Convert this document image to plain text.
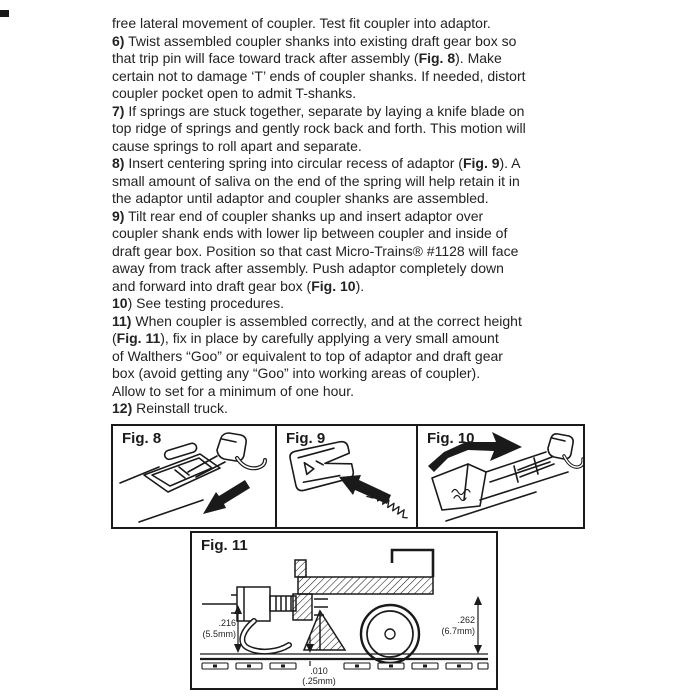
free lateral movement of coupler. Test fit coupler into adaptor.
6) Twist assembled coupler shanks into existing draft gear box so
that trip pin will face toward track after assembly (Fig. 8). Make
certain not to damage ‘T’ ends of coupler shanks. If needed, distort
coupler pocket open to admit T-shanks.
7) If springs are stuck together, separate by laying a knife blade on
top ridge of springs and gently rock back and forth. This motion will
cause springs to roll apart and separate.
8) Insert centering spring into circular recess of adaptor (Fig. 9). A
small amount of saliva on the end of the spring will help retain it in
the adaptor until adaptor and coupler shanks are assembled.
9) Tilt rear end of coupler shanks up and insert adaptor over
coupler shank ends with lower lip between coupler and inside of
draft gear box. Position so that cast Micro-Trains® #1128 will face
away from track after assembly. Push adaptor completely down
and forward into draft gear box (Fig. 10).
10) See testing procedures.
11) When coupler is assembled correctly, and at the correct height
(Fig. 11), fix in place by carefully applying a very small amount
of Walthers “Goo” or equivalent to top of adaptor and draft gear
box (avoid getting any “Goo” into working areas of coupler).
Allow to set for a minimum of one hour.
12) Reinstall truck.
Fig. 8	Fig. 9	Fig. 10
Fig. 11
.216
(5.5mm)
.010
(.25mm)
.262
(6.7mm)
